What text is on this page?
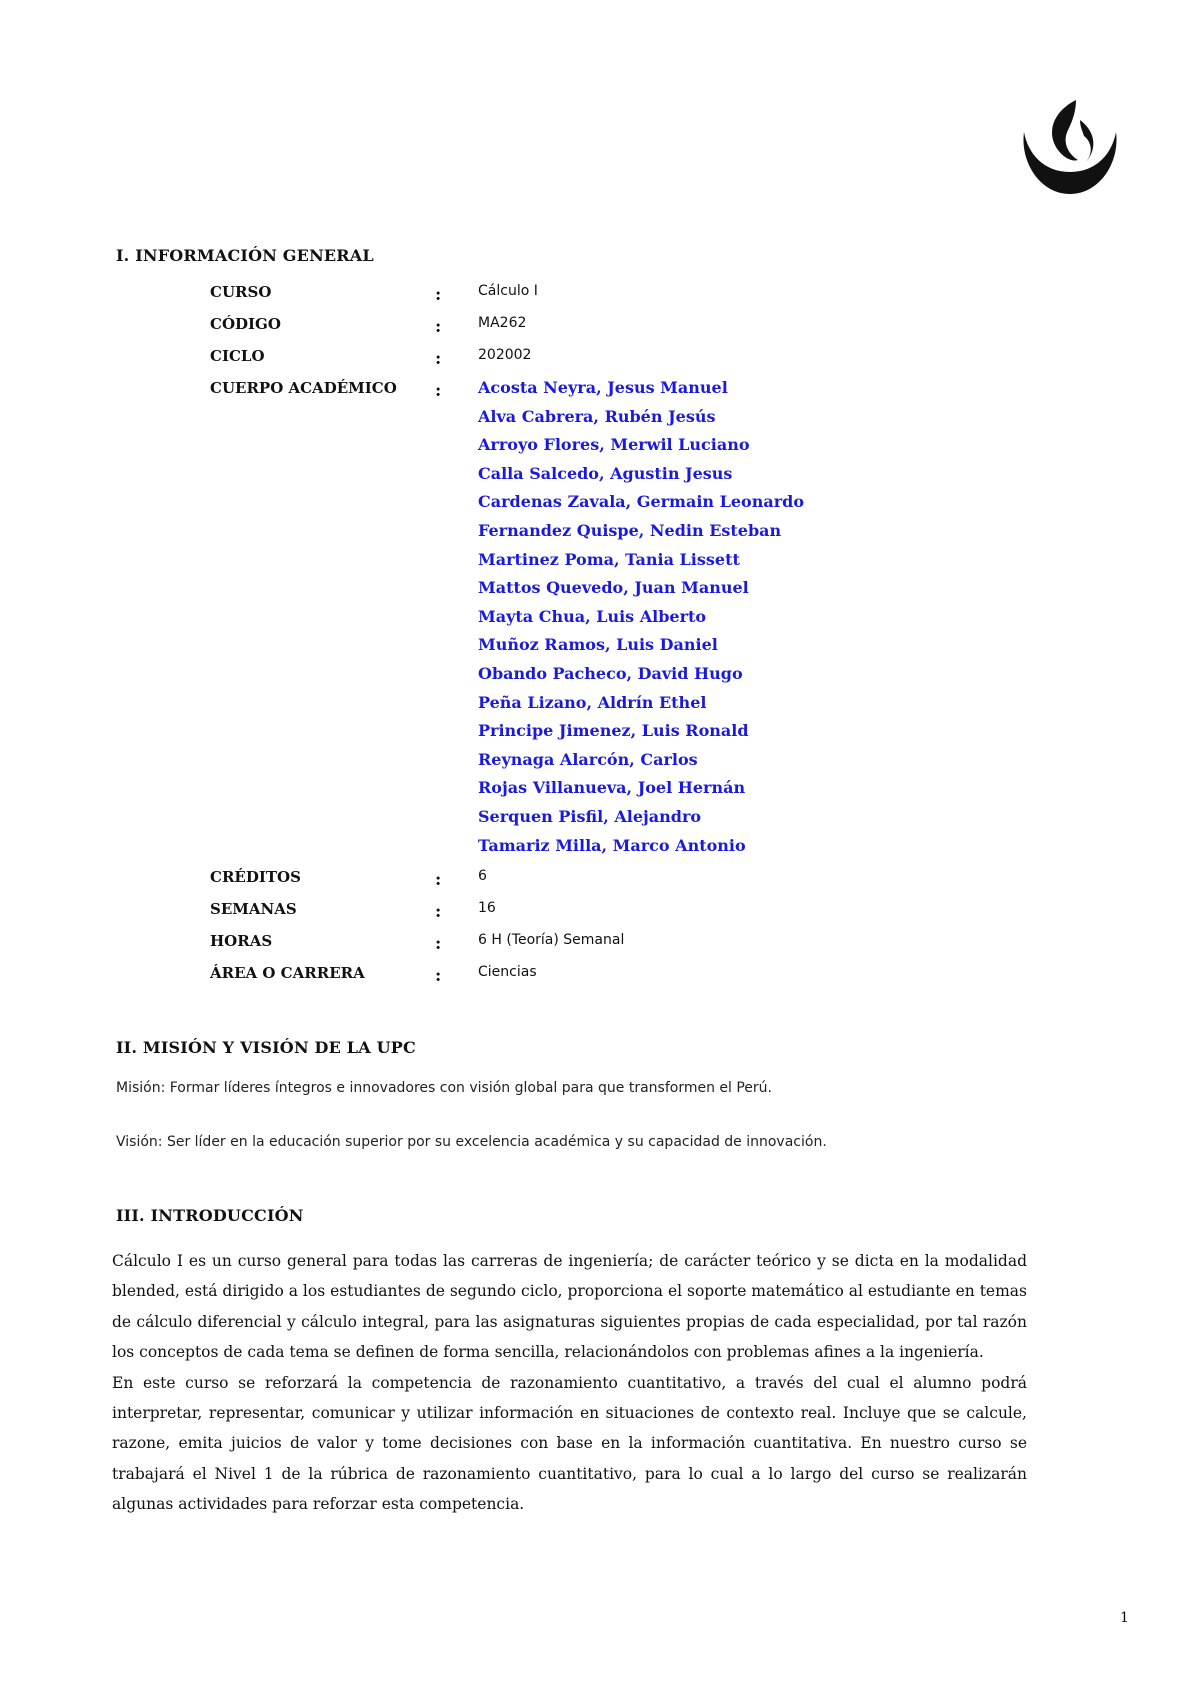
I. INFORMACIÓN GENERAL
CURSO	:	Cálculo I
CÓDIGO	:	MA262
CICLO	:	202002
CUERPO ACADÉMICO : Acosta Neyra, Jesus Manuel
Alva Cabrera, Rubén Jesús
Arroyo Flores, Merwil Luciano
Calla Salcedo, Agustin Jesus
Cardenas Zavala, Germain Leonardo
Fernandez Quispe, Nedin Esteban
Martinez Poma, Tania Lissett
Mattos Quevedo, Juan Manuel
Mayta Chua, Luis Alberto
Muñoz Ramos, Luis Daniel
Obando Pacheco, David Hugo
Peña Lizano, Aldrín Ethel
Principe Jimenez, Luis Ronald
Reynaga Alarcón, Carlos
Rojas Villanueva, Joel Hernán
Serquen Pisfil, Alejandro
Tamariz Milla, Marco Antonio
CRÉDITOS	:	6
SEMANAS	:	16
HORAS	:	6 H (Teoría) Semanal
ÁREA O CARRERA	:	Ciencias
II. MISIÓN Y VISIÓN DE LA UPC
Misión: Formar líderes íntegros e innovadores con visión global para que transformen el Perú.
Visión: Ser líder en la educación superior por su excelencia académica y su capacidad de innovación.
III. INTRODUCCIÓN

Cálculo I es un curso general para todas las carreras de ingeniería; de carácter teórico y se dicta en la modalidad blended, está dirigido a los estudiantes de segundo ciclo, proporciona el soporte matemático al estudiante en temas de cálculo diferencial y cálculo integral, para las asignaturas siguientes propias de cada especialidad, por tal razón los conceptos de cada tema se definen de forma sencilla, relacionándolos con problemas afines a la ingeniería.

En este curso se reforzará la competencia de razonamiento cuantitativo, a través del cual el alumno podrá interpretar, representar, comunicar y utilizar información en situaciones de contexto real. Incluye que se calcule, razone, emita juicios de valor y tome decisiones con base en la información cuantitativa. En nuestro curso se trabajará el Nivel 1 de la rúbrica de razonamiento cuantitativo, para lo cual a lo largo del curso se realizarán algunas actividades para reforzar esta competencia.

1
